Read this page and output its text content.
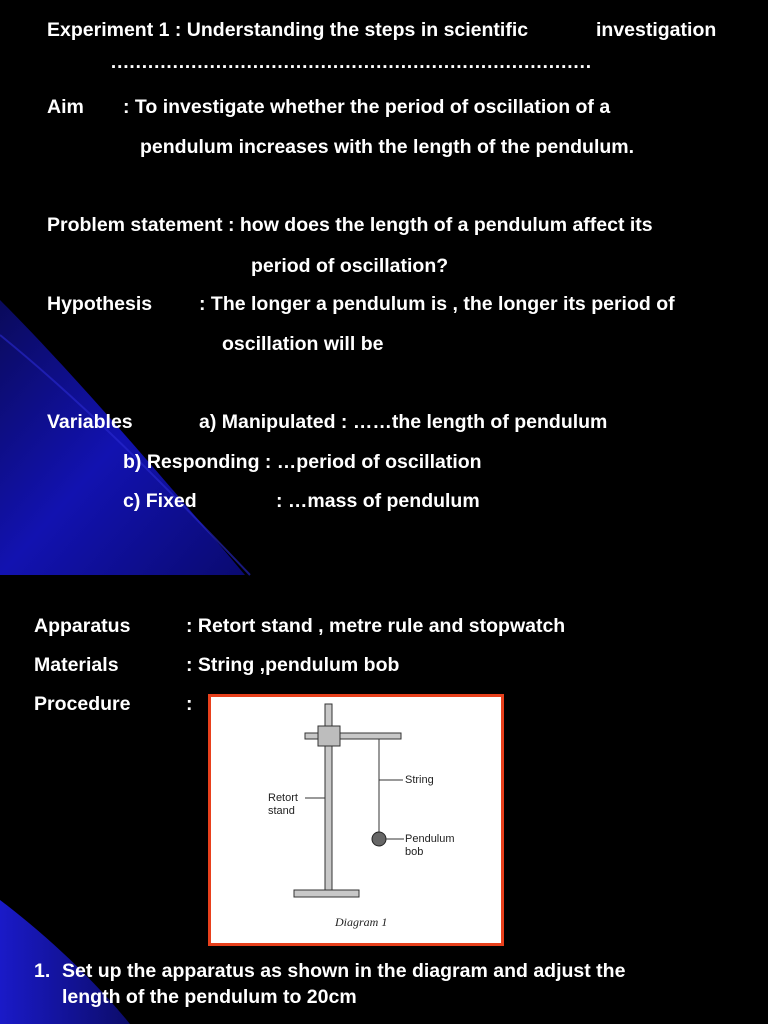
Experiment 1 : Understanding the steps in scientific	investigation
……………………………………………………………………
Aim : To investigate whether the period of oscillation of a
pendulum increases with the length of the pendulum.
Problem statement : how does the length of a pendulum affect its
period of oscillation?
Hypothesis : The longer a pendulum is , the longer its period of
oscillation will be
Variables	a) Manipulated : ……the length of pendulum
b) Responding : …period of oscillation
c) Fixed	: …mass of pendulum
Apparatus	: Retort stand , metre rule and stopwatch
Materials	: String ,pendulum bob
Procedure	:
String
Retort
stand
Pendulum
bob
Diagram 1
1. Set up the apparatus as shown in the diagram and adjust the
length of the pendulum to 20cm
